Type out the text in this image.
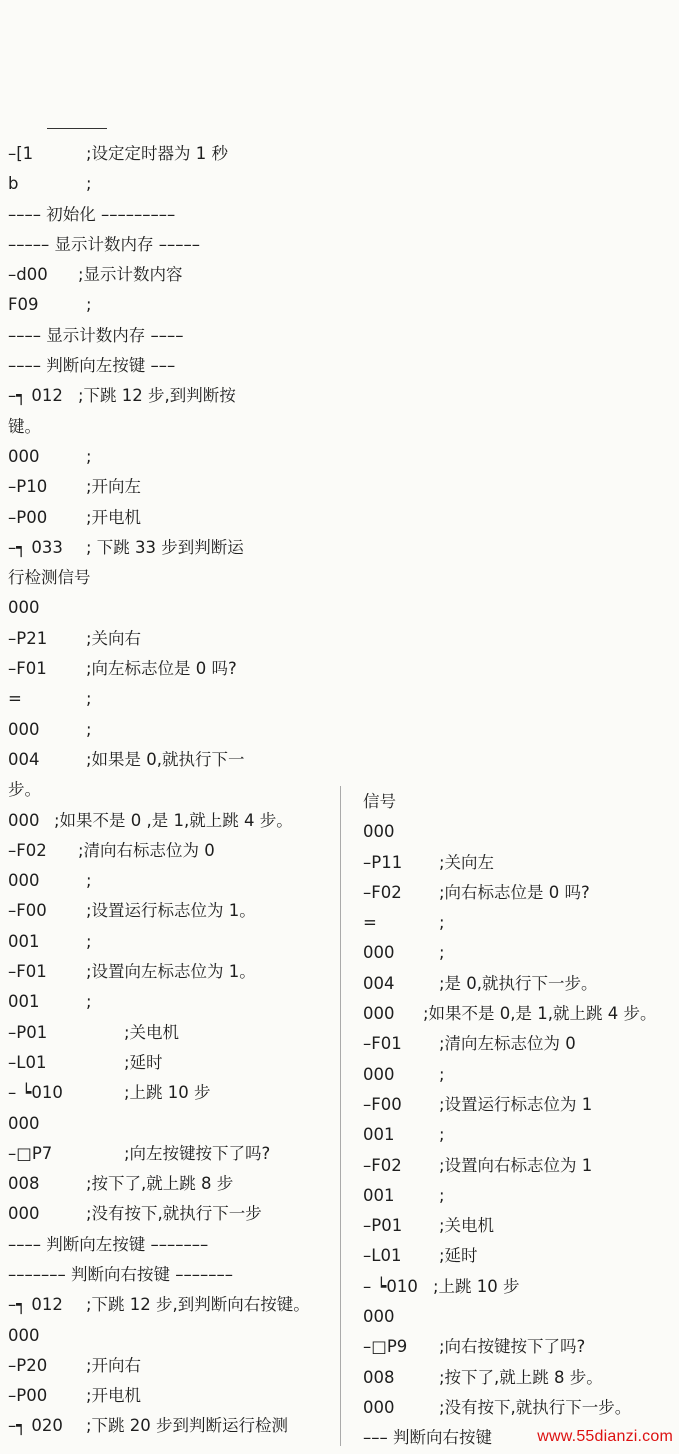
–[1	;设定定时器为 1 秒
b	;
–––– 初始化 –––––––––
––––– 显示计数内存 –––––
–d00 ;显示计数内容
F09	;
–––– 显示计数内存 ––––
–––– 判断向左按键 –––
–┑ 012 ;下跳 12 步,到判断按
键。
000	;
–P10 ;开向左
–P00 ;开电机
–┑ 033 ; 下跳 33 步到判断运
行检测信号
000
–P21 ;关向右
–F01 ;向左标志位是 0 吗?
=	;
000	;
004	;如果是 0,就执行下一
步。
000 ;如果不是 0 ,是 1,就上跳 4 步。
–F02 ;清向右标志位为 0
000	;
–F00 ;设置运行标志位为 1。
001	;
–F01 ;设置向左标志位为 1。
001	;
–P01	;关电机
–L01	;延时
– ┕010	;上跳 10 步
000
–□P7	;向左按键按下了吗?
008	;按下了,就上跳 8 步
000	;没有按下,就执行下一步
–––– 判断向左按键 –––––––
––––––– 判断向右按键 –––––––
–┑ 012 ;下跳 12 步,到判断向右按键。
000
–P20 ;开向右
–P00 ;开电机
–┑ 020 ;下跳 20 步到判断运行检测
信号
000
–P11 ;关向左
–F02 ;向右标志位是 0 吗?
=	;
000	;
004	;是 0,就执行下一步。
000 ;如果不是 0,是 1,就上跳 4 步。
–F01 ;清向左标志位为 0
000	;
–F00 ;设置运行标志位为 1
001	;
–F02 ;设置向右标志位为 1
001	;
–P01 ;关电机
–L01 ;延时
– ┕010 ;上跳 10 步
000
–□P9 ;向右按键按下了吗?
008	;按下了,就上跳 8 步。
000	;没有按下,就执行下一步。
––– 判断向右按键	www.55dianzi.com
